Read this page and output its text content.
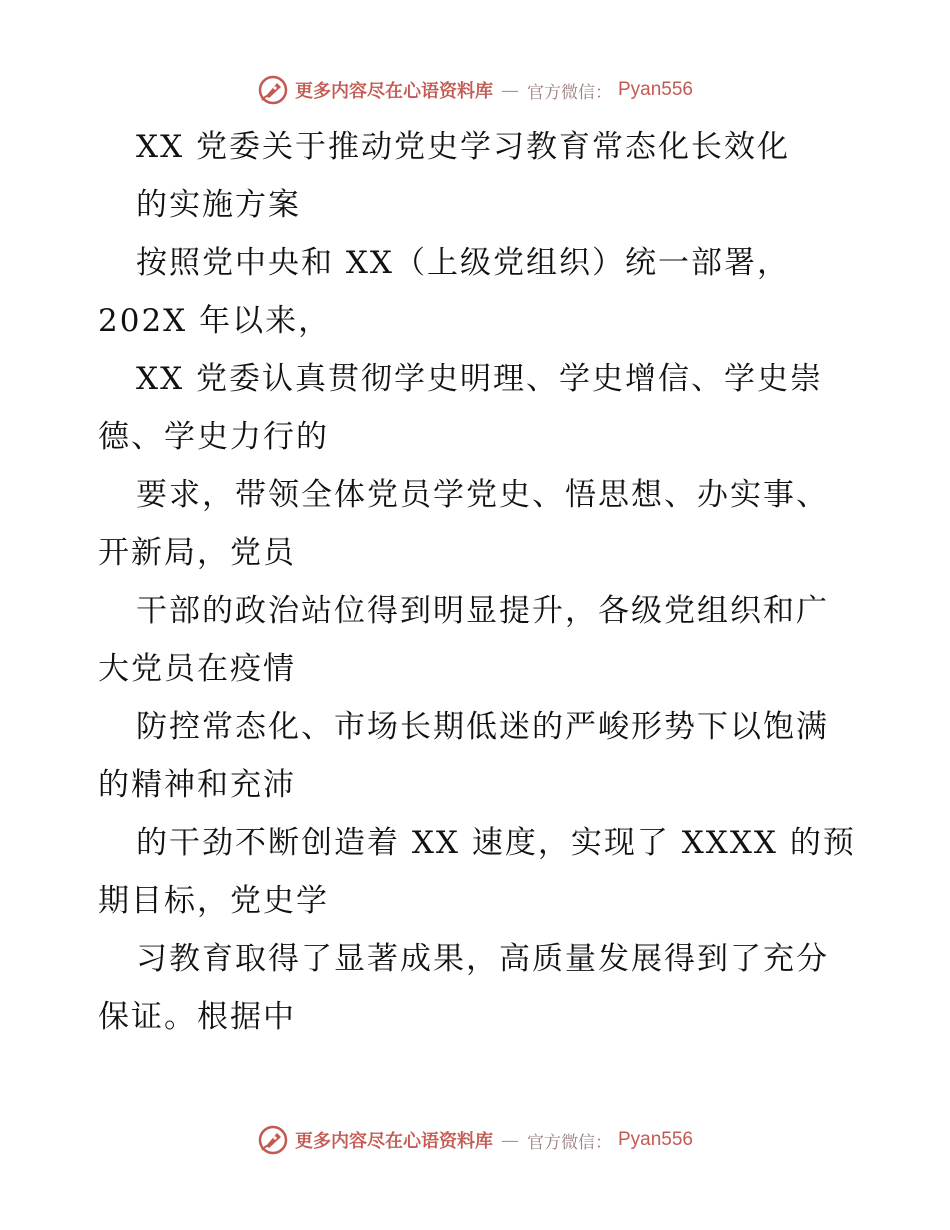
更多内容尽在心语资料库 — 官方微信： Pyan556
XX 党委关于推动党史学习教育常态化长效化
的实施方案
按照党中央和 XX（上级党组织）统一部署，
202X 年以来，
XX 党委认真贯彻学史明理、学史增信、学史崇
德、学史力行的
要求，带领全体党员学党史、悟思想、办实事、
开新局，党员
干部的政治站位得到明显提升，各级党组织和广
大党员在疫情
防控常态化、市场长期低迷的严峻形势下以饱满
的精神和充沛
的干劲不断创造着 XX 速度，实现了 XXXX 的预
期目标，党史学
习教育取得了显著成果，高质量发展得到了充分
保证。根据中
更多内容尽在心语资料库 — 官方微信： Pyan556
